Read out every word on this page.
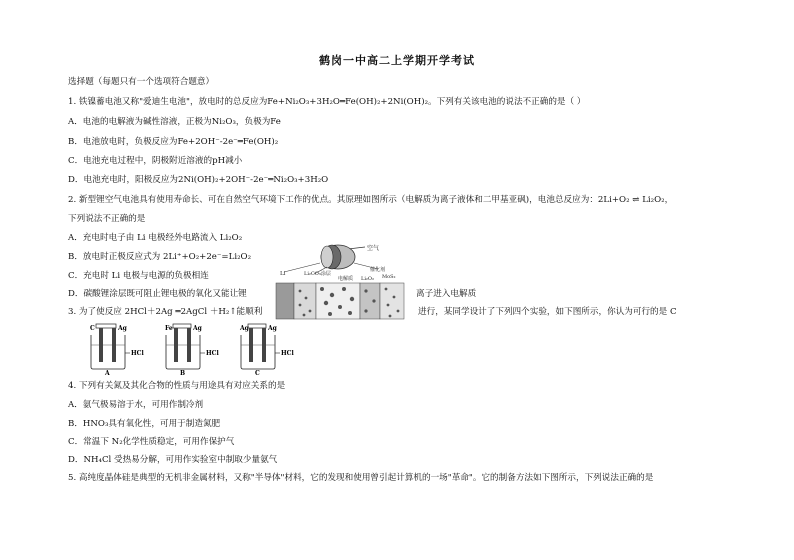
鹤岗一中高二上学期开学考试
选择题（每题只有一个选项符合题意）
1. 铁镍蓄电池又称"爱迪生电池"，放电时的总反应为Fe+Ni₂O₃+3H₂O═Fe(OH)₂+2Ni(OH)₂。下列有关该电池的说法不正确的是（ ）
A．电池的电解液为碱性溶液，正极为Ni₂O₃，负极为Fe
B．电池放电时，负极反应为Fe+2OH⁻-2e⁻═Fe(OH)₂
C．电池充电过程中，阴极附近溶液的pH减小
D．电池充电时，阳极反应为2Ni(OH)₂+2OH⁻-2e⁻═Ni₂O₃+3H₂O
2. 新型锂空气电池具有使用寿命长、可在自然空气环境下工作的优点。其原理如图所示（电解质为离子液体和二甲基亚砜)，电池总反应为：2Li+O₂ ⇌ Li₂O₂，
下列说法不正确的是
A．充电时电子由 Li 电极经外电路流入 Li₂O₂
B．放电时正极反应式为 2Li⁺+O₂+2e⁻=Li₂O₂
C．充电时 Li 电极与电源的负极相连
D．碳酸锂涂层既可阻止锂电极的氧化又能让锂	离子进入电解质
空气
Li	Li₂CO₃涂层
电解质
催化剂
Li₂O₂ MoS₂
3. 为了使反应 2HCl＋2Ag ═2AgCl ＋H₂↑能顺利	进行，某同学设计了下列四个实验，如下图所示，你认为可行的是 C
C	Ag
HCl
A
Fe	Ag
HCl
B
Ag	Ag
HCl
C
4. 下列有关氮及其化合物的性质与用途具有对应关系的是
A．氨气极易溶于水，可用作制冷剂
B．HNO₃具有氧化性，可用于制造氮肥
C．常温下 N₂化学性质稳定，可用作保护气
D．NH₄Cl 受热易分解，可用作实验室中制取少量氨气
5. 高纯度晶体硅是典型的无机非金属材料，又称"半导体"材料，它的发现和使用曾引起计算机的一场"革命"。它的制备方法如下图所示，下列说法正确的是
